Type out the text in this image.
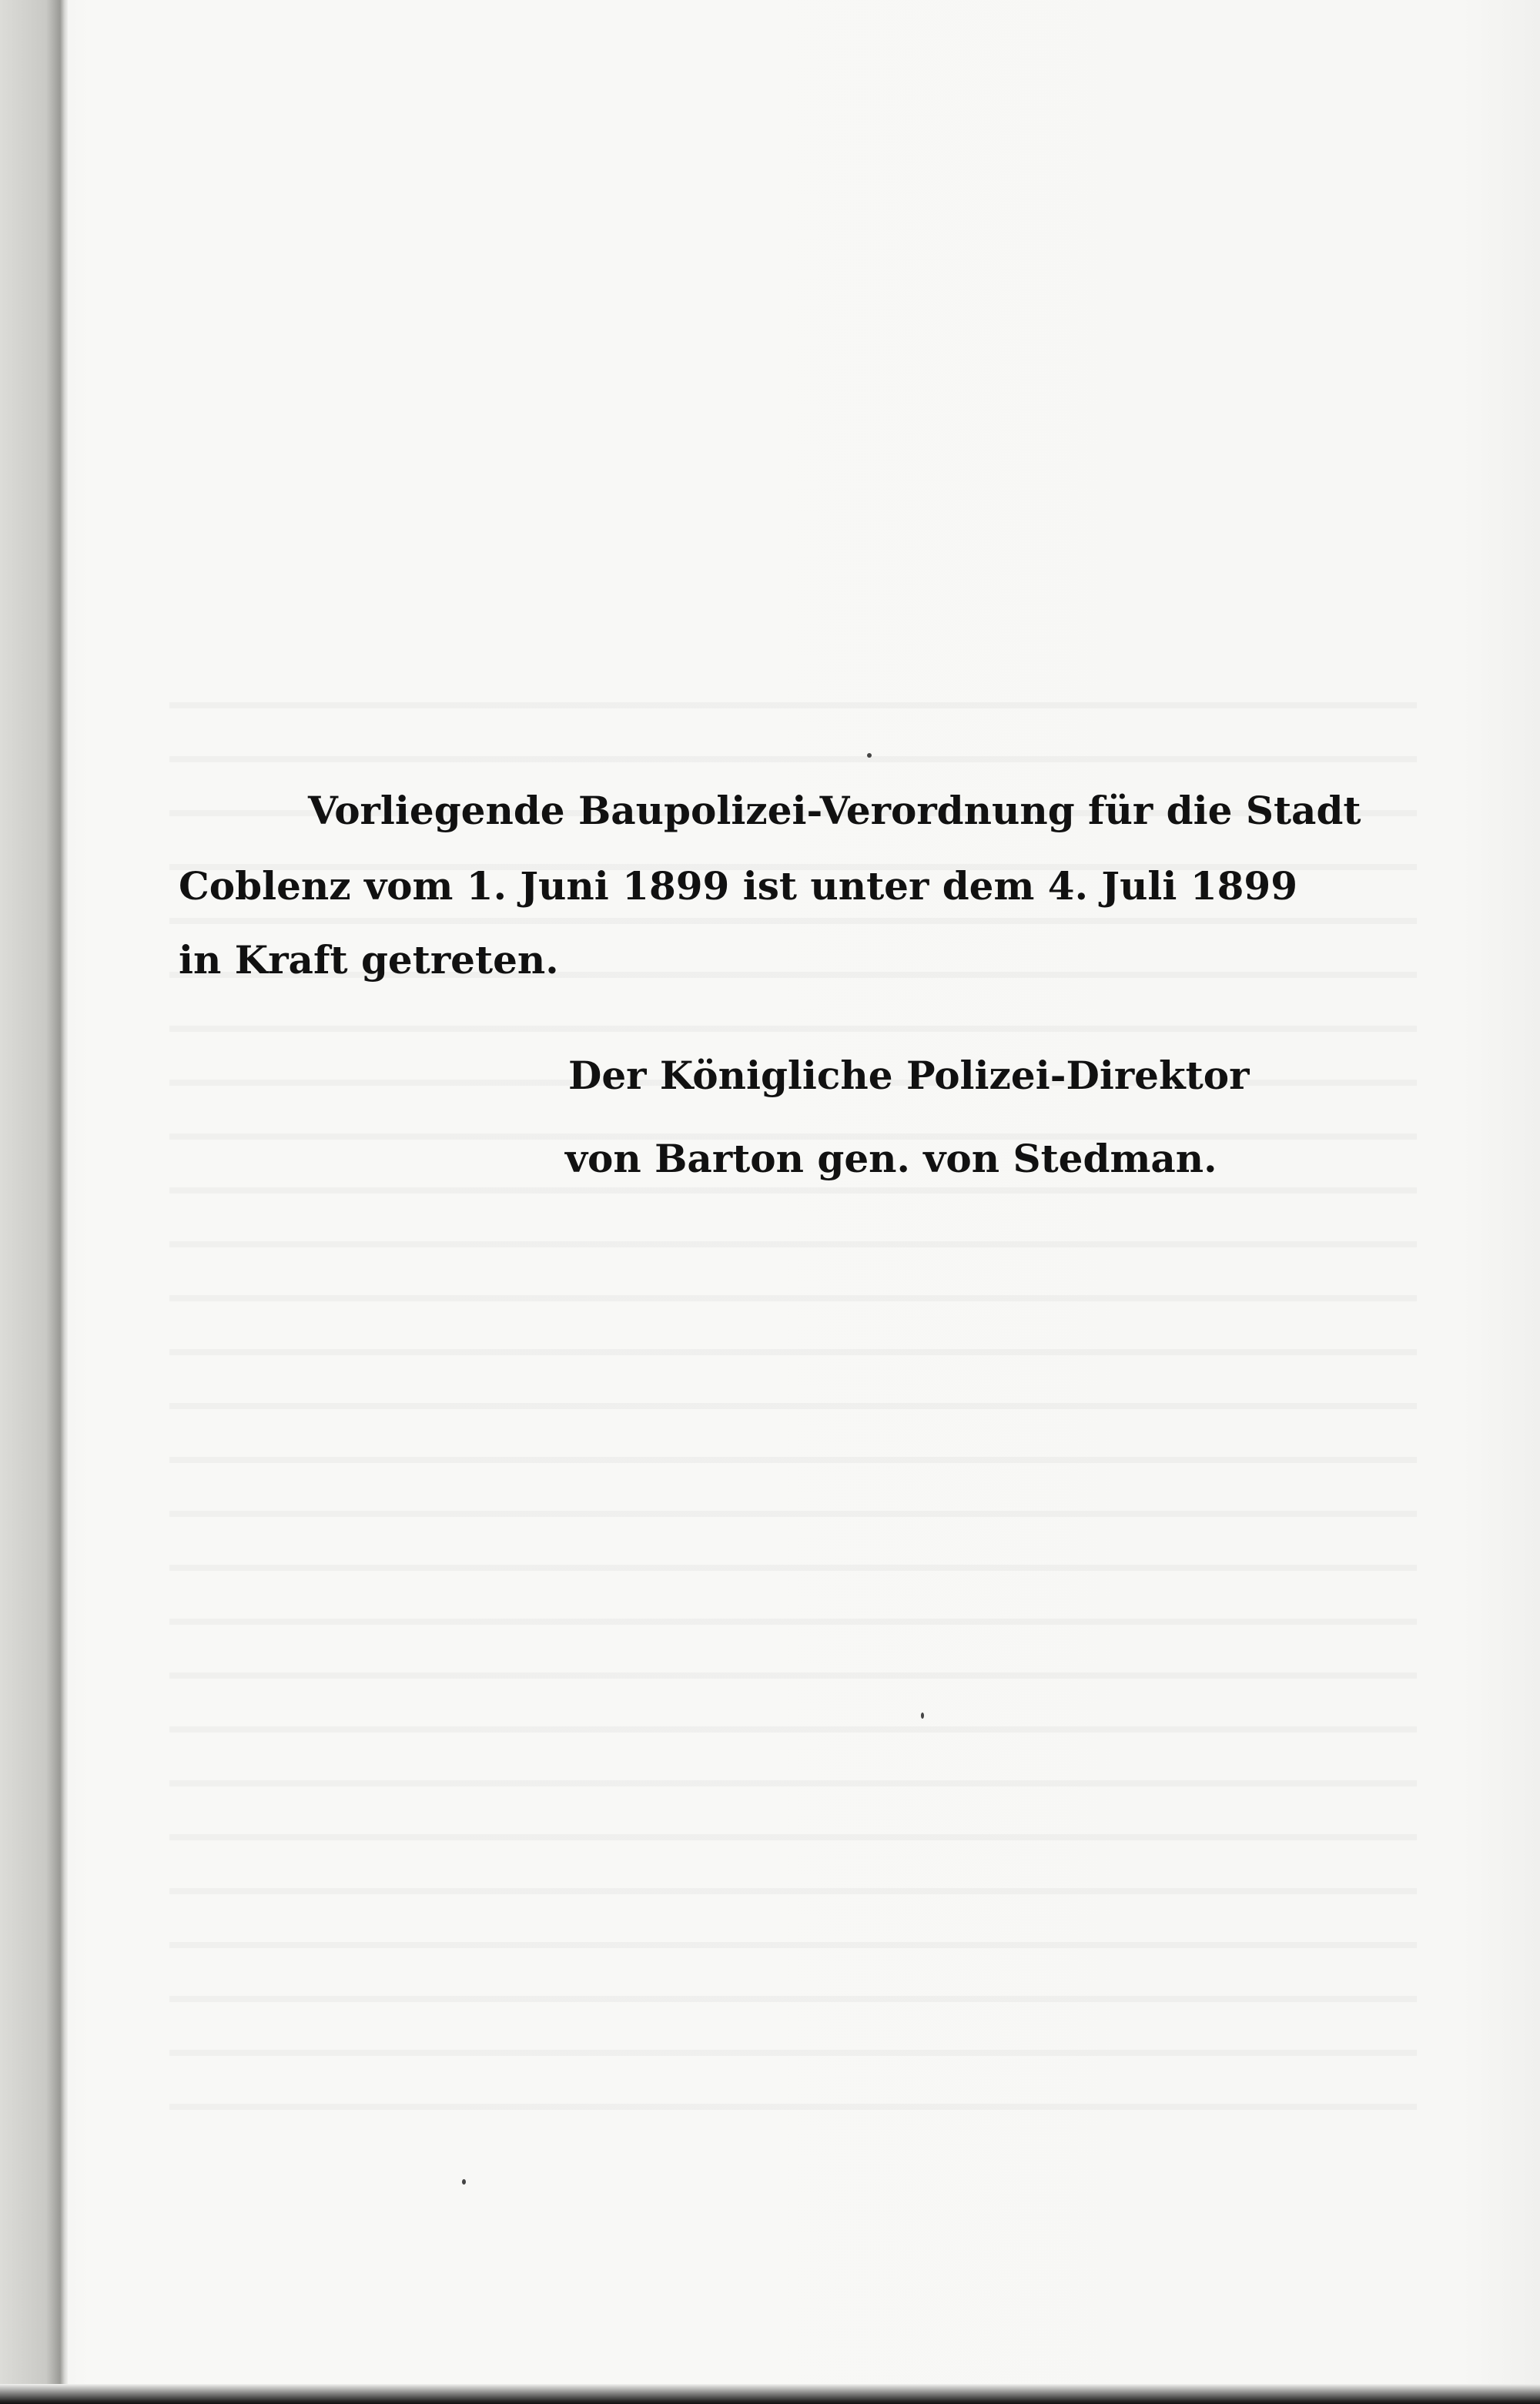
Vorliegende Baupolizei-Verordnung für die Stadt
Coblenz vom 1. Juni 1899 ist unter dem 4. Juli 1899
in Kraft getreten.
Der Königliche Polizei-Direktor
von Barton gen. von Stedman.
